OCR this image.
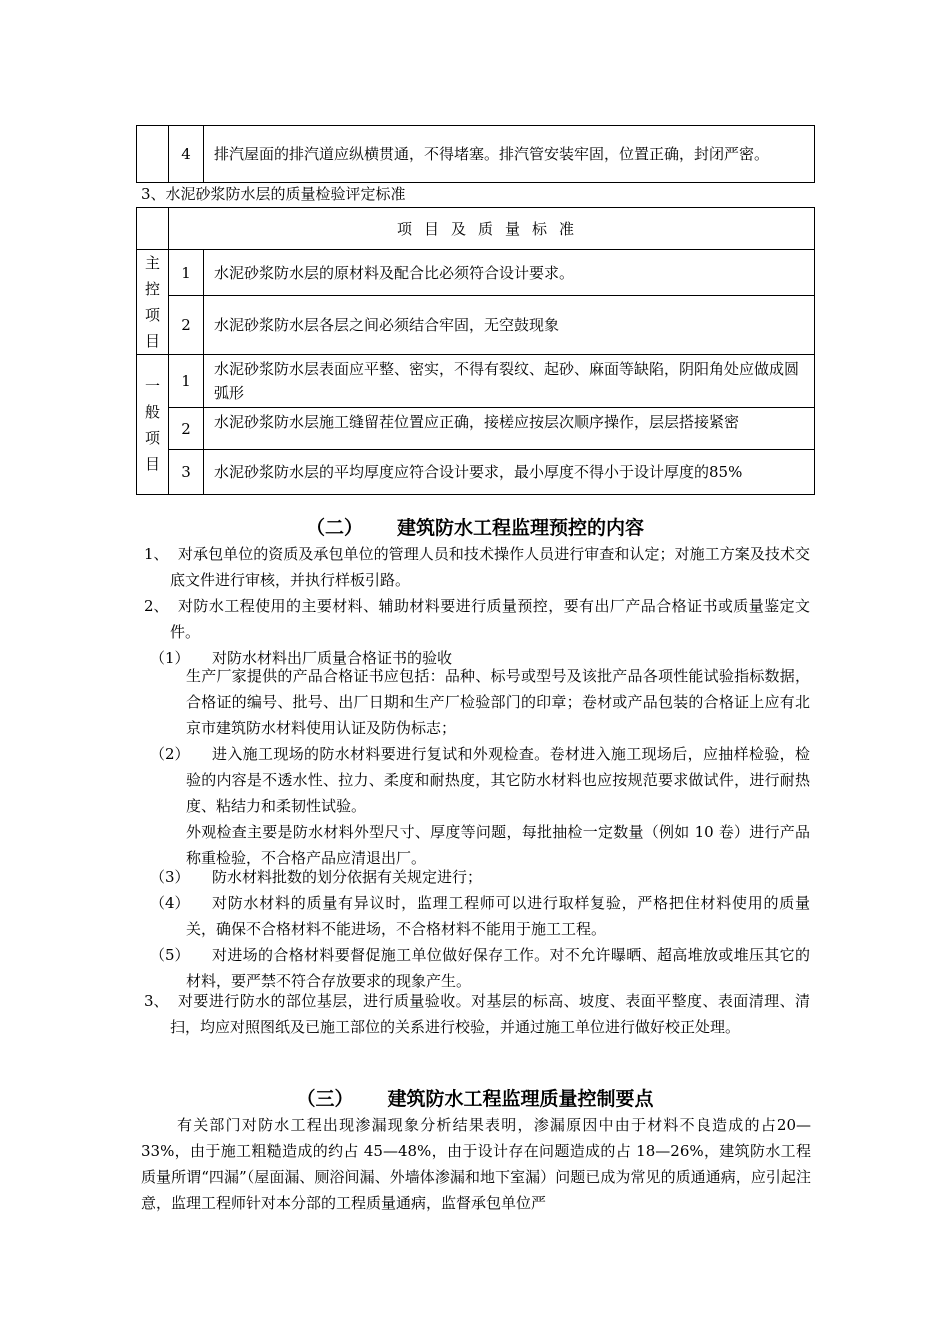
	4	排汽屋面的排汽道应纵横贯通，不得堵塞。排汽管安装牢固，位置正确，封闭严密。
3、水泥砂浆防水层的质量检验评定标准
	项目及质量标准	

主控项目	1	水泥砂浆防水层的原材料及配合比必须符合设计要求。
	2	水泥砂浆防水层各层之间必须结合牢固，无空鼓现象

一般项目	1	水泥砂浆防水层表面应平整、密实，不得有裂纹、起砂、麻面等缺陷，阴阳角处应做成圆弧形
	2	水泥砂浆防水层施工缝留茬位置应正确，接槎应按层次顺序操作，层层搭接紧密
	3	水泥砂浆防水层的平均厚度应符合设计要求，最小厚度不得小于设计厚度的85%
（二） 建筑防水工程监理预控的内容
1、 对承包单位的资质及承包单位的管理人员和技术操作人员进行审查和认定；对施工方案及技术交底文件进行审核，并执行样板引路。
2、 对防水工程使用的主要材料、辅助材料要进行质量预控，要有出厂产品合格证书或质量鉴定文件。
（1） 对防水材料出厂质量合格证书的验收
生产厂家提供的产品合格证书应包括：品种、标号或型号及该批产品各项性能试验指标数据，合格证的编号、批号、出厂日期和生产厂检验部门的印章；卷材或产品包装的合格证上应有北京市建筑防水材料使用认证及防伪标志；
（2）	进入施工现场的防水材料要进行复试和外观检查。卷材进入施工现场后，应抽样检验，检验的内容是不透水性、拉力、柔度和耐热度，其它防水材料也应按规范要求做试件，进行耐热度、粘结力和柔韧性试验。
外观检查主要是防水材料外型尺寸、厚度等问题，每批抽检一定数量（例如 10 卷）进行产品称重检验，不合格产品应清退出厂。
（3） 防水材料批数的划分依据有关规定进行；
（4）	对防水材料的质量有异议时，监理工程师可以进行取样复验，严格把住材料使用的质量关，确保不合格材料不能进场，不合格材料不能用于施工工程。
（5）	对进场的合格材料要督促施工单位做好保存工作。对不允许曝晒、超高堆放或堆压其它的材料，要严禁不符合存放要求的现象产生。
3、 对要进行防水的部位基层，进行质量验收。对基层的标高、坡度、表面平整度、表面清理、清扫，均应对照图纸及已施工部位的关系进行校验，并通过施工单位进行做好校正处理。
（三） 建筑防水工程监理质量控制要点
有关部门对防水工程出现渗漏现象分析结果表明，渗漏原因中由于材料不良造成的占20—33%，由于施工粗糙造成的约占 45—48%，由于设计存在问题造成的占 18—26%，建筑防水工程质量所谓“四漏”（屋面漏、厕浴间漏、外墙体渗漏和地下室漏）问题已成为常见的质通通病，应引起注意，监理工程师针对本分部的工程质量通病，监督承包单位严
